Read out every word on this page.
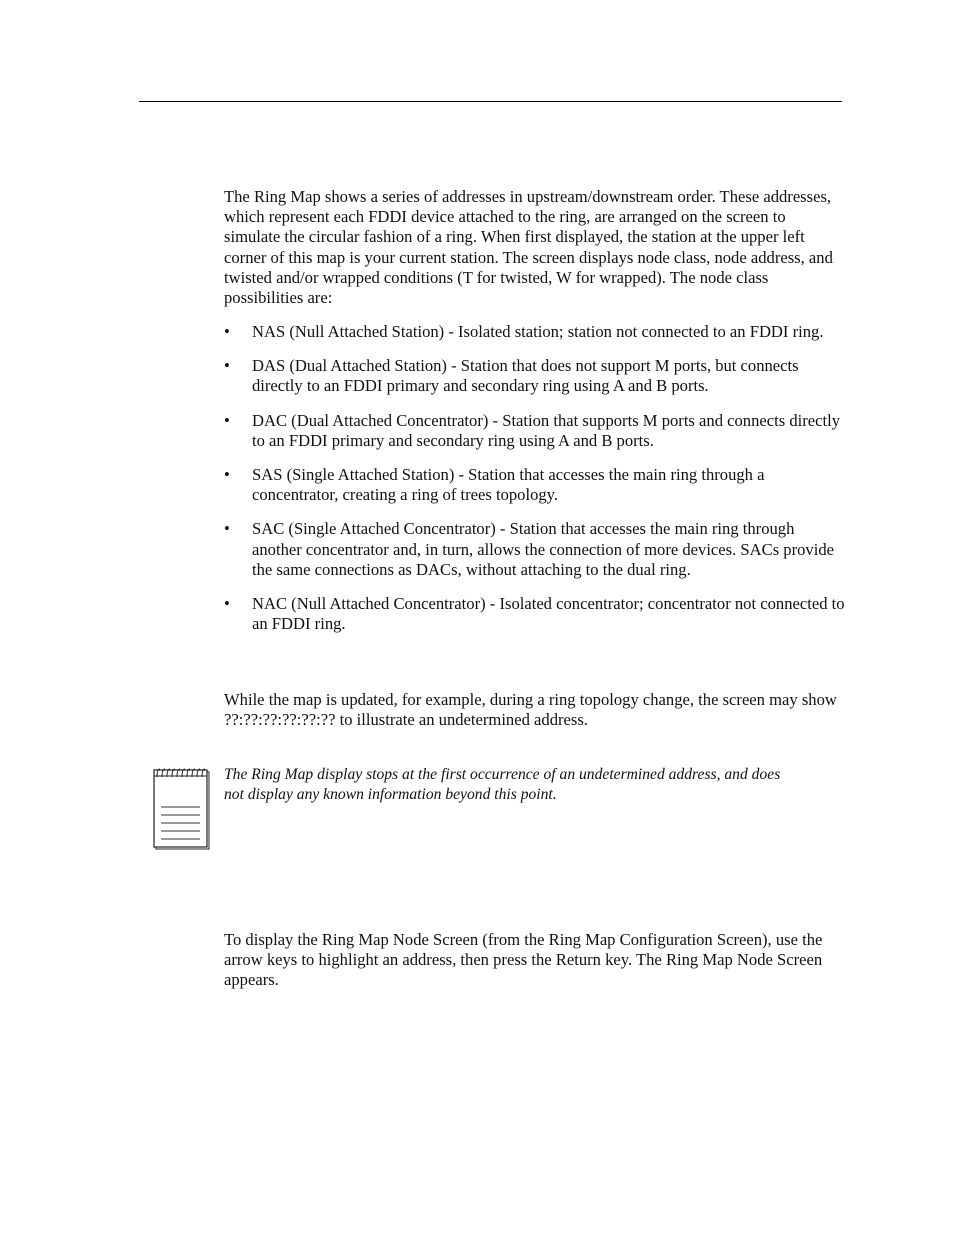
The Ring Map shows a series of addresses in upstream/downstream order. These addresses, which represent each FDDI device attached to the ring, are arranged on the screen to simulate the circular fashion of a ring. When first displayed, the station at the upper left corner of this map is your current station. The screen displays node class, node address, and twisted and/or wrapped conditions (T for twisted, W for wrapped). The node class possibilities are:

• NAS (Null Attached Station) - Isolated station; station not connected to an FDDI ring.
• DAS (Dual Attached Station) - Station that does not support M ports, but connects directly to an FDDI primary and secondary ring using A and B ports.
• DAC (Dual Attached Concentrator) - Station that supports M ports and connects directly to an FDDI primary and secondary ring using A and B ports.
• SAS (Single Attached Station) - Station that accesses the main ring through a concentrator, creating a ring of trees topology.
• SAC (Single Attached Concentrator) - Station that accesses the main ring through another concentrator and, in turn, allows the connection of more devices. SACs provide the same connections as DACs, without attaching to the dual ring.
• NAC (Null Attached Concentrator) - Isolated concentrator; concentrator not connected to an FDDI ring.

While the map is updated, for example, during a ring topology change, the screen may show ??:??:??:??:??:?? to illustrate an undetermined address.

The Ring Map display stops at the first occurrence of an undetermined address, and does not display any known information beyond this point.

To display the Ring Map Node Screen (from the Ring Map Configuration Screen), use the arrow keys to highlight an address, then press the Return key. The Ring Map Node Screen appears.
